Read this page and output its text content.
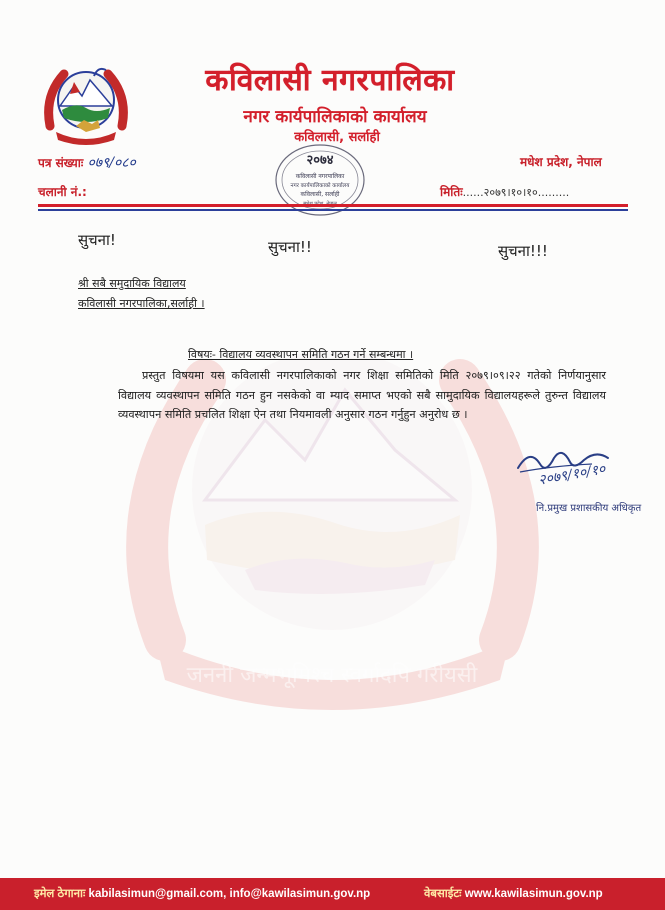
कविलासी नगरपालिका
नगर कार्यपालिकाको कार्यालय
कविलासी, सर्लाही
पत्र संख्याः ०७९/०८०
चलानी नं.:
मधेश प्रदेश, नेपाल
मितिः......२०७९।१०।१०.........
२०७४
कविलासी नगरपालिका
नगर कार्यपालिकाको कार्यालय
कविलासी, सर्लाही
सुचना!	सुचना!!	सुचना!!!
श्री सबै समुदायिक विद्यालय
कविलासी नगरपालिका,सर्लाही ।
जननी जन्मभूमिश्च स्वर्गादपि गरीयसी
विषयः- विद्यालय व्यवस्थापन समिति गठन गर्ने सम्बन्धमा ।
प्रस्तुत विषयमा यस कविलासी नगरपालिकाको नगर शिक्षा समितिको मिति २०७९।०९।२२ गतेको निर्णयानुसार विद्यालय व्यवस्थापन समिति गठन हुन नसकेको वा म्याद समाप्त भएको सबै सामुदायिक विद्यालयहरूले तुरुन्त विद्यालय व्यवस्थापन समिति प्रचलित शिक्षा ऐन तथा नियमावली अनुसार गठन गर्नुहुन अनुरोध छ ।
२०७९/१०/१०
नि.प्रमुख प्रशासकीय अधिकृत
इमेल ठेगानाः kabilasimun@gmail.com, info@kawilasimun.gov.np	वेबसाईटः www.kawilasimun.gov.np
